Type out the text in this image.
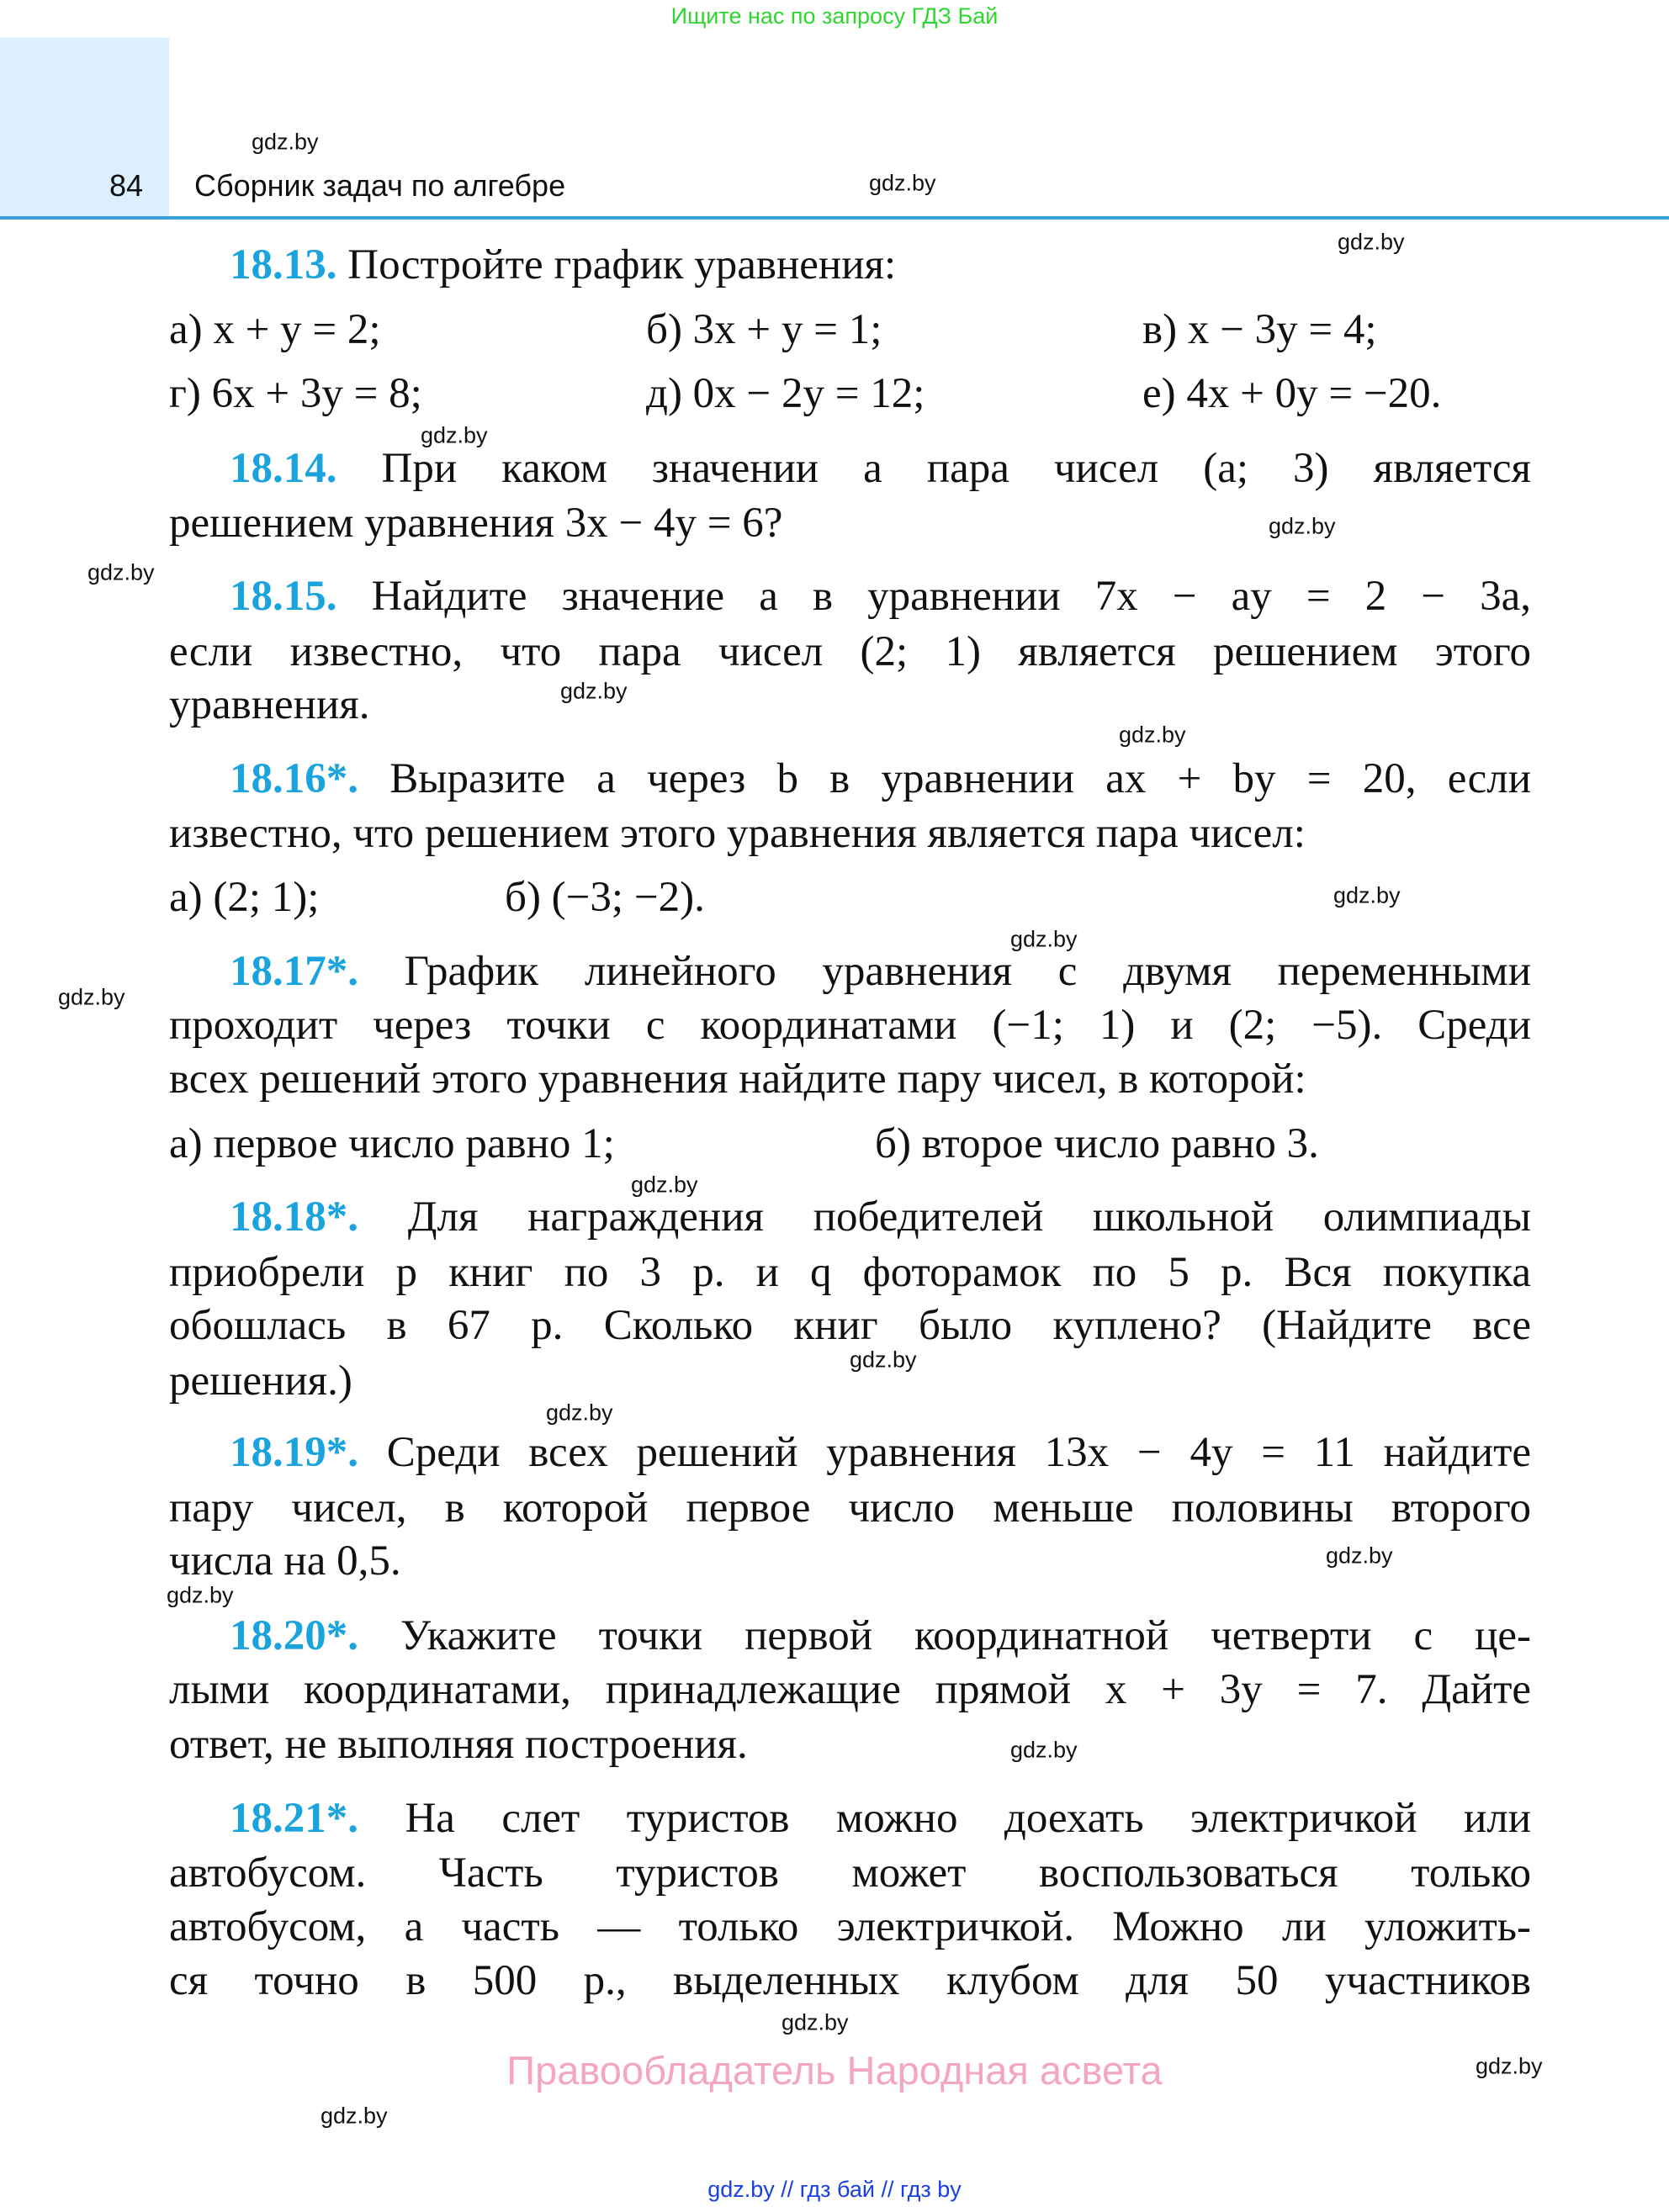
Ищите нас по запросу ГДЗ Бай
84 Сборник задач по алгебре
18.13. Постройте график уравнения:
а) x + y = 2;	б) 3x + y = 1;	в) x − 3y = 4;
г) 6x + 3y = 8;	д) 0x − 2y = 12;	е) 4x + 0y = −20.
18.14. При каком значении a пара чисел (a; 3) является
решением уравнения 3x − 4y = 6?
18.15. Найдите значение a в уравнении 7x − ay = 2 − 3a,
если известно, что пара чисел (2; 1) является решением этого
уравнения.
18.16*. Выразите a через b в уравнении ax + by = 20, если
известно, что решением этого уравнения является пара чисел:
а) (2; 1);	б) (−3; −2).
18.17*. График линейного уравнения с двумя переменными
проходит через точки с координатами (−1; 1) и (2; −5). Среди
всех решений этого уравнения найдите пару чисел, в которой:
а) первое число равно 1;	б) второе число равно 3.
18.18*. Для награждения победителей школьной олимпиады
приобрели p книг по 3 р. и q фоторамок по 5 р. Вся покупка
обошлась в 67 р. Сколько книг было куплено? (Найдите все
решения.)
18.19*. Среди всех решений уравнения 13x − 4y = 11 найдите
пару чисел, в которой первое число меньше половины второго
числа на 0,5.
18.20*. Укажите точки первой координатной четверти с це-
лыми координатами, принадлежащие прямой x + 3y = 7. Дайте
ответ, не выполняя построения.
18.21*. На слет туристов можно доехать электричкой или
автобусом. Часть туристов может воспользоваться только
автобусом, а часть — только электричкой. Можно ли уложить-
ся точно в 500 р., выделенных клубом для 50 участников
gdz.by
gdz.by
gdz.by
gdz.by
gdz.by
gdz.by
gdz.by
gdz.by
gdz.by
gdz.by
gdz.by
gdz.by
gdz.by
gdz.by
gdz.by
gdz.by
gdz.by
gdz.by
gdz.by
gdz.by
Правообладатель Народная асвета
gdz.by // гдз бай // гдз by
